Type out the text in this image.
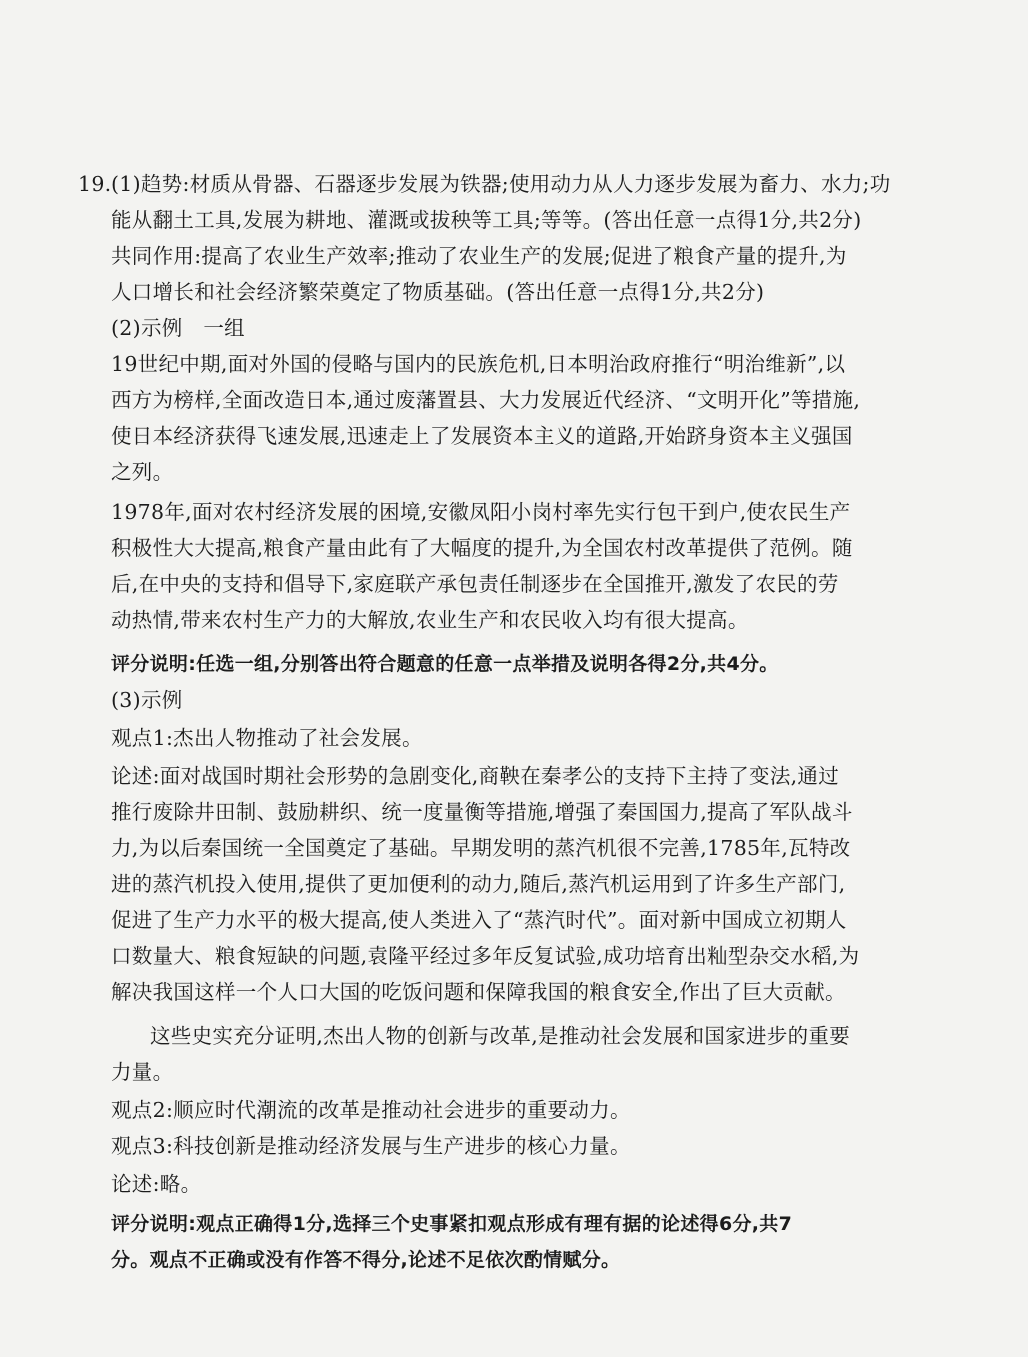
19. (1)趋势:材质从骨器、石器逐步发展为铁器;使用动力从人力逐步发展为畜力、水力;功
能从翻土工具,发展为耕地、灌溉或拔秧等工具;等等。(答出任意一点得1分,共2分)
共同作用:提高了农业生产效率;推动了农业生产的发展;促进了粮食产量的提升,为
人口增长和社会经济繁荣奠定了物质基础。(答出任意一点得1分,共2分)
(2)示例　一组
19世纪中期,面对外国的侵略与国内的民族危机,日本明治政府推行“明治维新”,以
西方为榜样,全面改造日本,通过废藩置县、大力发展近代经济、“文明开化”等措施,
使日本经济获得飞速发展,迅速走上了发展资本主义的道路,开始跻身资本主义强国
之列。
1978年,面对农村经济发展的困境,安徽凤阳小岗村率先实行包干到户,使农民生产
积极性大大提高,粮食产量由此有了大幅度的提升,为全国农村改革提供了范例。随
后,在中央的支持和倡导下,家庭联产承包责任制逐步在全国推开,激发了农民的劳
动热情,带来农村生产力的大解放,农业生产和农民收入均有很大提高。
评分说明:任选一组,分别答出符合题意的任意一点举措及说明各得2分,共4分。
(3)示例
观点1:杰出人物推动了社会发展。
论述:面对战国时期社会形势的急剧变化,商鞅在秦孝公的支持下主持了变法,通过
推行废除井田制、鼓励耕织、统一度量衡等措施,增强了秦国国力,提高了军队战斗
力,为以后秦国统一全国奠定了基础。早期发明的蒸汽机很不完善,1785年,瓦特改
进的蒸汽机投入使用,提供了更加便利的动力,随后,蒸汽机运用到了许多生产部门,
促进了生产力水平的极大提高,使人类进入了“蒸汽时代”。面对新中国成立初期人
口数量大、粮食短缺的问题,袁隆平经过多年反复试验,成功培育出籼型杂交水稻,为
解决我国这样一个人口大国的吃饭问题和保障我国的粮食安全,作出了巨大贡献。
这些史实充分证明,杰出人物的创新与改革,是推动社会发展和国家进步的重要
力量。
观点2:顺应时代潮流的改革是推动社会进步的重要动力。
观点3:科技创新是推动经济发展与生产进步的核心力量。
论述:略。
评分说明:观点正确得1分,选择三个史事紧扣观点形成有理有据的论述得6分,共7
分。观点不正确或没有作答不得分,论述不足依次酌情赋分。
